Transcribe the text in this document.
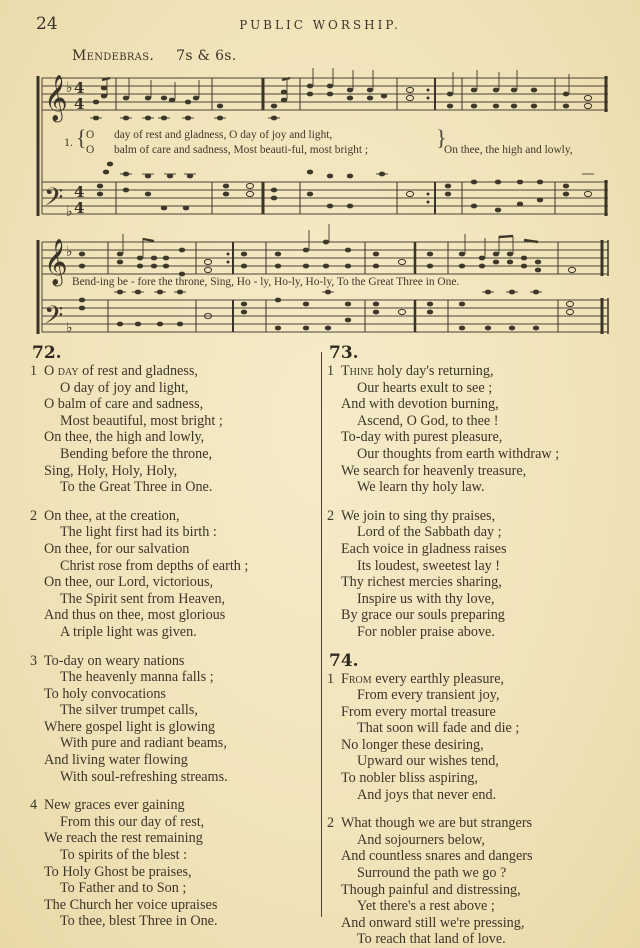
24	PUBLIC WORSHIP.
Mendebras. 7s & 6s.
𝄞
𝄢
𝄞
𝄢
♭
♭
♭
♭
4
4
4
4
1. { O day of rest and gladness, O day of joy and light,
O balm of care and sadness, Most beauti-ful, most bright ;	}
On thee, the high and lowly,
Bend-ing be - fore the throne, Sing, Ho - ly, Ho-ly, Ho-ly, To the Great Three in One.
72.
1 O day of rest and gladness,
O day of joy and light,
O balm of care and sadness,
Most beautiful, most bright ;
On thee, the high and lowly,
Bending before the throne,
Sing, Holy, Holy, Holy,
To the Great Three in One.
2 On thee, at the creation,
The light first had its birth :
On thee, for our salvation
Christ rose from depths of earth ;
On thee, our Lord, victorious,
The Spirit sent from Heaven,
And thus on thee, most glorious
A triple light was given.
3 To-day on weary nations
The heavenly manna falls ;
To holy convocations
The silver trumpet calls,
Where gospel light is glowing
With pure and radiant beams,
And living water flowing
With soul-refreshing streams.
4 New graces ever gaining
From this our day of rest,
We reach the rest remaining
To spirits of the blest :
To Holy Ghost be praises,
To Father and to Son ;
The Church her voice upraises
To thee, blest Three in One.
73.
1 Thine holy day's returning,
Our hearts exult to see ;
And with devotion burning,
Ascend, O God, to thee !
To-day with purest pleasure,
Our thoughts from earth withdraw ;
We search for heavenly treasure,
We learn thy holy law.
2 We join to sing thy praises,
Lord of the Sabbath day ;
Each voice in gladness raises
Its loudest, sweetest lay !
Thy richest mercies sharing,
Inspire us with thy love,
By grace our souls preparing
For nobler praise above.
74.
1 From every earthly pleasure,
From every transient joy,
From every mortal treasure
That soon will fade and die ;
No longer these desiring,
Upward our wishes tend,
To nobler bliss aspiring,
And joys that never end.
2 What though we are but strangers
And sojourners below,
And countless snares and dangers
Surround the path we go ?
Though painful and distressing,
Yet there's a rest above ;
And onward still we're pressing,
To reach that land of love.
